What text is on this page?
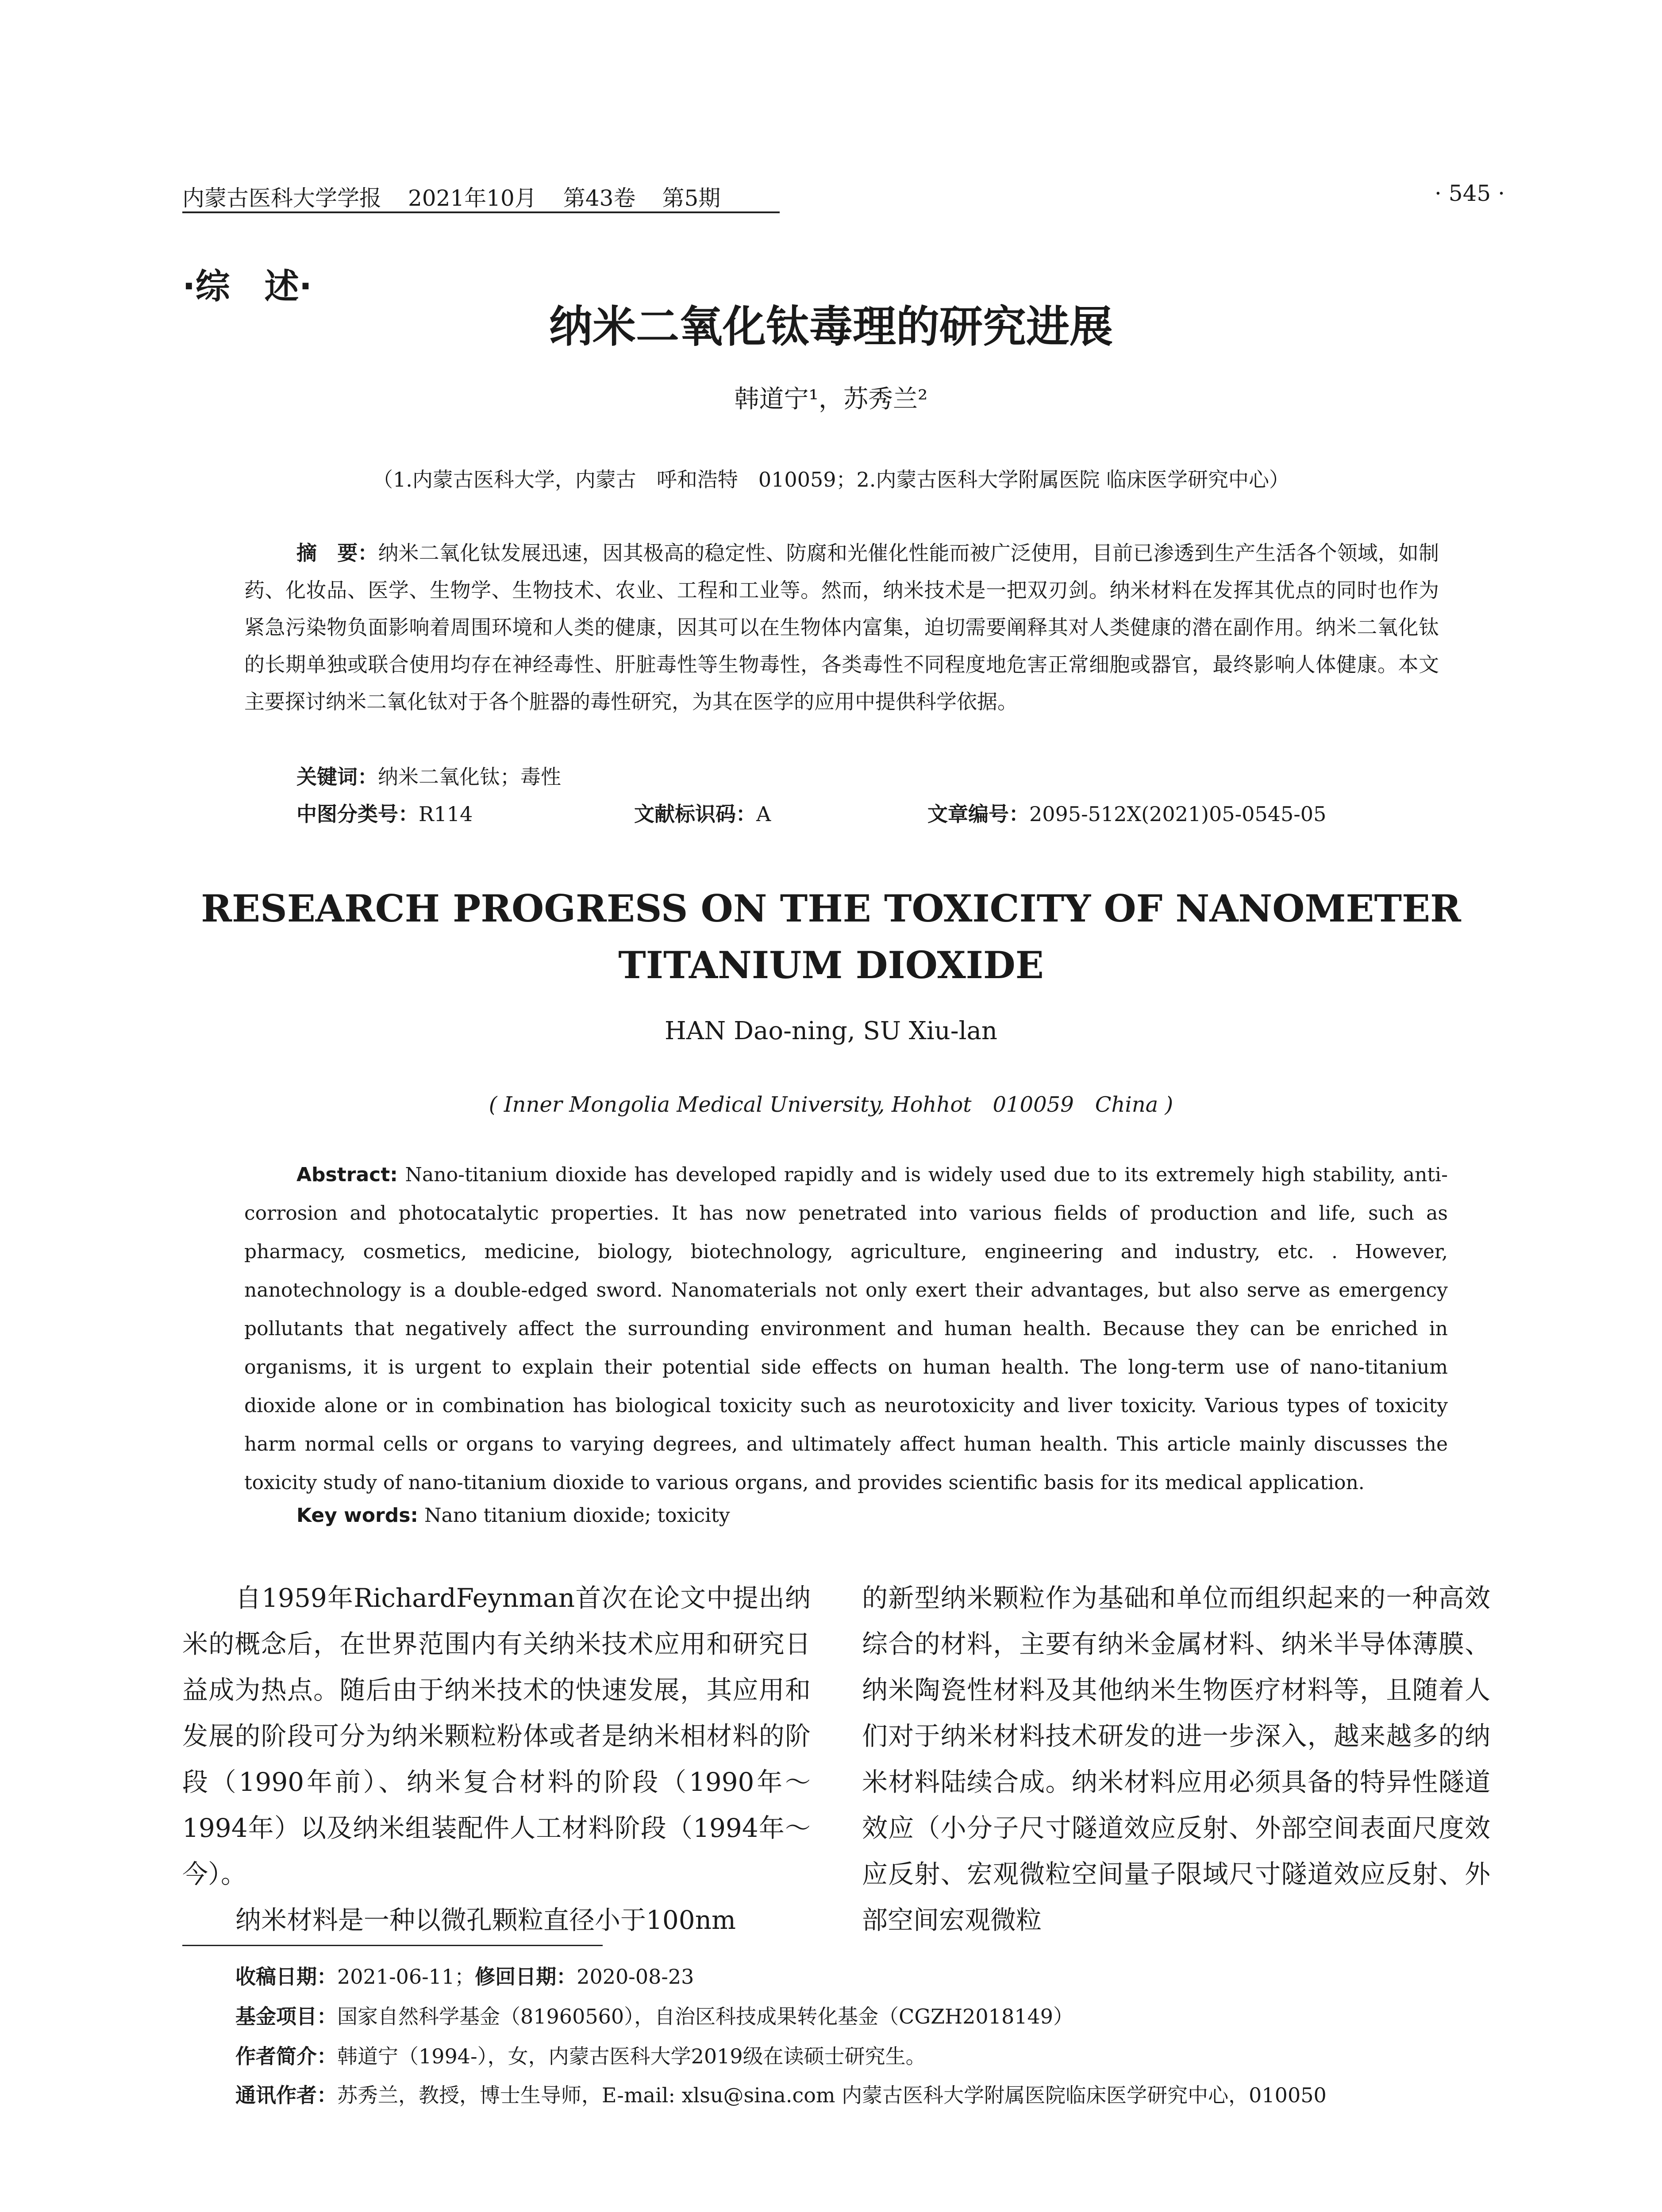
内蒙古医科大学学报 2021年10月 第43卷 第5期	· 545 ·
·综　述·
纳米二氧化钛毒理的研究进展
韩道宁¹，苏秀兰²
（1.内蒙古医科大学，内蒙古　呼和浩特　010059；2.内蒙古医科大学附属医院 临床医学研究中心）
摘　要：纳米二氧化钛发展迅速，因其极高的稳定性、防腐和光催化性能而被广泛使用，目前已渗透到生产生活各个领域，如制药、化妆品、医学、生物学、生物技术、农业、工程和工业等。然而，纳米技术是一把双刃剑。纳米材料在发挥其优点的同时也作为紧急污染物负面影响着周围环境和人类的健康，因其可以在生物体内富集，迫切需要阐释其对人类健康的潜在副作用。纳米二氧化钛的长期单独或联合使用均存在神经毒性、肝脏毒性等生物毒性，各类毒性不同程度地危害正常细胞或器官，最终影响人体健康。本文主要探讨纳米二氧化钛对于各个脏器的毒性研究，为其在医学的应用中提供科学依据。
关键词：纳米二氧化钛；毒性
中图分类号：R114	文献标识码：A	文章编号：2095-512X(2021)05-0545-05
RESEARCH PROGRESS ON THE TOXICITY OF NANOMETER
TITANIUM DIOXIDE
HAN Dao-ning, SU Xiu-lan
( Inner Mongolia Medical University, Hohhot　010059　China )
Abstract: Nano-titanium dioxide has developed rapidly and is widely used due to its extremely high stability, anti-corrosion and photocatalytic properties. It has now penetrated into various fields of production and life, such as pharmacy, cosmetics, medicine, biology, biotechnology, agriculture, engineering and industry, etc. . However, nanotechnology is a double-edged sword. Nanomaterials not only exert their advantages, but also serve as emergency pollutants that negatively affect the surrounding environment and human health. Because they can be enriched in organisms, it is urgent to explain their potential side effects on human health. The long-term use of nano-titanium dioxide alone or in combination has biological toxicity such as neurotoxicity and liver toxicity. Various types of toxicity harm normal cells or organs to varying degrees, and ultimately affect human health. This article mainly discusses the toxicity study of nano-titanium dioxide to various organs, and provides scientific basis for its medical application.
Key words: Nano titanium dioxide; toxicity

自1959年RichardFeynman首次在论文中提出纳米的概念后，在世界范围内有关纳米技术应用和研究日益成为热点。随后由于纳米技术的快速发展，其应用和发展的阶段可分为纳米颗粒粉体或者是纳米相材料的阶段（1990年前）、纳米复合材料的阶段（1990年～1994年）以及纳米组装配件人工材料阶段（1994年～今）。

纳米材料是一种以微孔颗粒直径小于100nm

的新型纳米颗粒作为基础和单位而组织起来的一种高效综合的材料，主要有纳米金属材料、纳米半导体薄膜、纳米陶瓷性材料及其他纳米生物医疗材料等，且随着人们对于纳米材料技术研发的进一步深入，越来越多的纳米材料陆续合成。纳米材料应用必须具备的特异性隧道效应（小分子尺寸隧道效应反射、外部空间表面尺度效应反射、宏观微粒空间量子限域尺寸隧道效应反射、外部空间宏观微粒

收稿日期：2021-06-11；修回日期：2020-08-23
基金项目：国家自然科学基金（81960560），自治区科技成果转化基金（CGZH2018149）
作者简介：韩道宁（1994-），女，内蒙古医科大学2019级在读硕士研究生。
通讯作者：苏秀兰，教授，博士生导师，E-mail: xlsu@sina.com 内蒙古医科大学附属医院临床医学研究中心，010050
